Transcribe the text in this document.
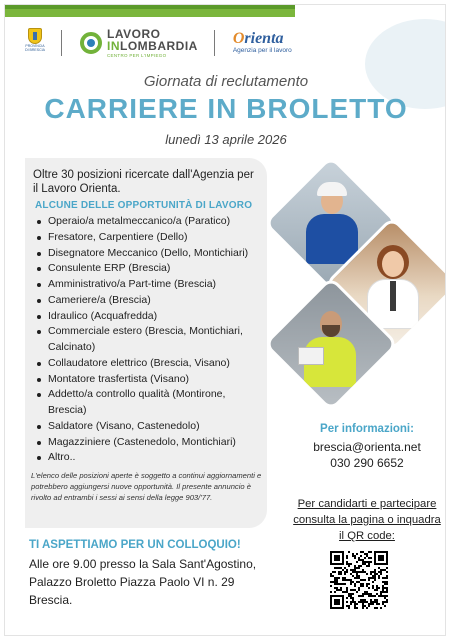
PROVINCIA DI BRESCIA
LAVORO
INLOMBARDIA
CENTRO PER L'IMPIEGO
Orienta
Agenzia per il lavoro
Giornata di reclutamento
CARRIERE IN BROLETTO
lunedì 13 aprile 2026
Oltre 30 posizioni ricercate dall'Agenzia per il Lavoro Orienta.
ALCUNE DELLE OPPORTUNITÀ DI LAVORO
Operaio/a metalmeccanico/a (Paratico)
Fresatore, Carpentiere (Dello)
Disegnatore Meccanico (Dello, Montichiari)
Consulente ERP (Brescia)
Amministrativo/a Part-time (Brescia)
Cameriere/a (Brescia)
Idraulico (Acquafredda)
Commerciale estero (Brescia, Montichiari, Calcinato)
Collaudatore elettrico (Brescia, Visano)
Montatore trasfertista (Visano)
Addetto/a controllo qualità (Montirone, Brescia)
Saldatore (Visano, Castenedolo)
Magazziniere (Castenedolo, Montichiari)
Altro..
L'elenco delle posizioni aperte è soggetto a continui aggiornamenti e potrebbero aggiungersi nuove opportunità. Il presente annuncio è rivolto ad entrambi i sessi ai sensi della legge 903/'77.
TI ASPETTIAMO PER UN COLLOQUIO!
Alle ore 9.00 presso la Sala Sant'Agostino,
Palazzo Broletto Piazza Paolo VI n. 29
Brescia.
Per informazioni:
brescia@orienta.net
030 290 6652
Per candidarti e partecipare
consulta la pagina o inquadra
il QR code:
